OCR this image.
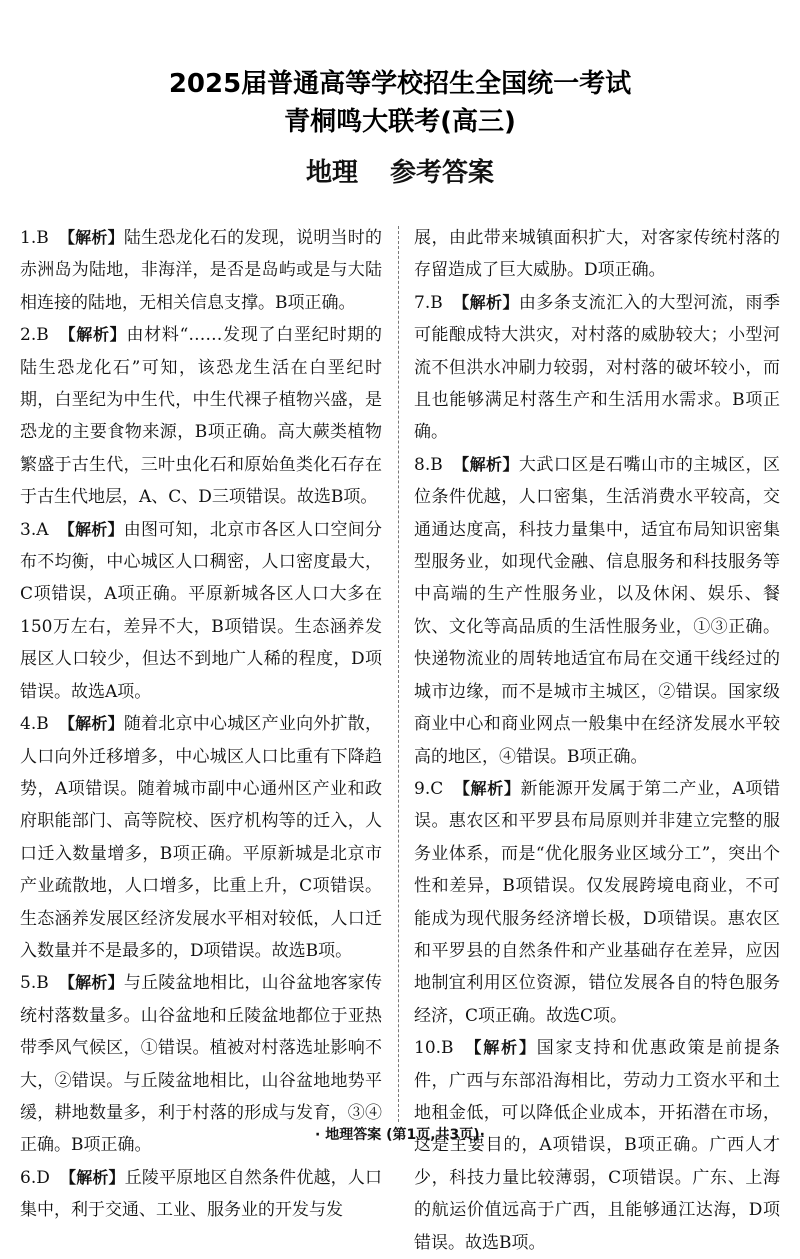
2025届普通高等学校招生全国统一考试
青桐鸣大联考(高三)
地理 参考答案
1.B 【解析】陆生恐龙化石的发现，说明当时的赤洲岛为陆地，非海洋，是否是岛屿或是与大陆相连接的陆地，无相关信息支撑。B项正确。
2.B 【解析】由材料“……发现了白垩纪时期的陆生恐龙化石”可知，该恐龙生活在白垩纪时期，白垩纪为中生代，中生代裸子植物兴盛，是恐龙的主要食物来源，B项正确。高大蕨类植物繁盛于古生代，三叶虫化石和原始鱼类化石存在于古生代地层，A、C、D三项错误。故选B项。
3.A 【解析】由图可知，北京市各区人口空间分布不均衡，中心城区人口稠密，人口密度最大，C项错误，A项正确。平原新城各区人口大多在150万左右，差异不大，B项错误。生态涵养发展区人口较少，但达不到地广人稀的程度，D项错误。故选A项。
4.B 【解析】随着北京中心城区产业向外扩散，人口向外迁移增多，中心城区人口比重有下降趋势，A项错误。随着城市副中心通州区产业和政府职能部门、高等院校、医疗机构等的迁入，人口迁入数量增多，B项正确。平原新城是北京市产业疏散地，人口增多，比重上升，C项错误。生态涵养发展区经济发展水平相对较低，人口迁入数量并不是最多的，D项错误。故选B项。
5.B 【解析】与丘陵盆地相比，山谷盆地客家传统村落数量多。山谷盆地和丘陵盆地都位于亚热带季风气候区，①错误。植被对村落选址影响不大，②错误。与丘陵盆地相比，山谷盆地地势平缓，耕地数量多，利于村落的形成与发育，③④正确。B项正确。
6.D 【解析】丘陵平原地区自然条件优越，人口集中，利于交通、工业、服务业的开发与发
展，由此带来城镇面积扩大，对客家传统村落的存留造成了巨大威胁。D项正确。
7.B 【解析】由多条支流汇入的大型河流，雨季可能酿成特大洪灾，对村落的威胁较大；小型河流不但洪水冲刷力较弱，对村落的破坏较小，而且也能够满足村落生产和生活用水需求。B项正确。
8.B 【解析】大武口区是石嘴山市的主城区，区位条件优越，人口密集，生活消费水平较高，交通通达度高，科技力量集中，适宜布局知识密集型服务业，如现代金融、信息服务和科技服务等中高端的生产性服务业，以及休闲、娱乐、餐饮、文化等高品质的生活性服务业，①③正确。快递物流业的周转地适宜布局在交通干线经过的城市边缘，而不是城市主城区，②错误。国家级商业中心和商业网点一般集中在经济发展水平较高的地区，④错误。B项正确。
9.C 【解析】新能源开发属于第二产业，A项错误。惠农区和平罗县布局原则并非建立完整的服务业体系，而是“优化服务业区域分工”，突出个性和差异，B项错误。仅发展跨境电商业，不可能成为现代服务经济增长极，D项错误。惠农区和平罗县的自然条件和产业基础存在差异，应因地制宜利用区位资源，错位发展各自的特色服务经济，C项正确。故选C项。
10.B 【解析】国家支持和优惠政策是前提条件，广西与东部沿海相比，劳动力工资水平和土地租金低，可以降低企业成本，开拓潜在市场，这是主要目的，A项错误，B项正确。广西人才少，科技力量比较薄弱，C项错误。广东、上海的航运价值远高于广西，且能够通江达海，D项错误。故选B项。
· 地理答案 (第1页,共3页)·
